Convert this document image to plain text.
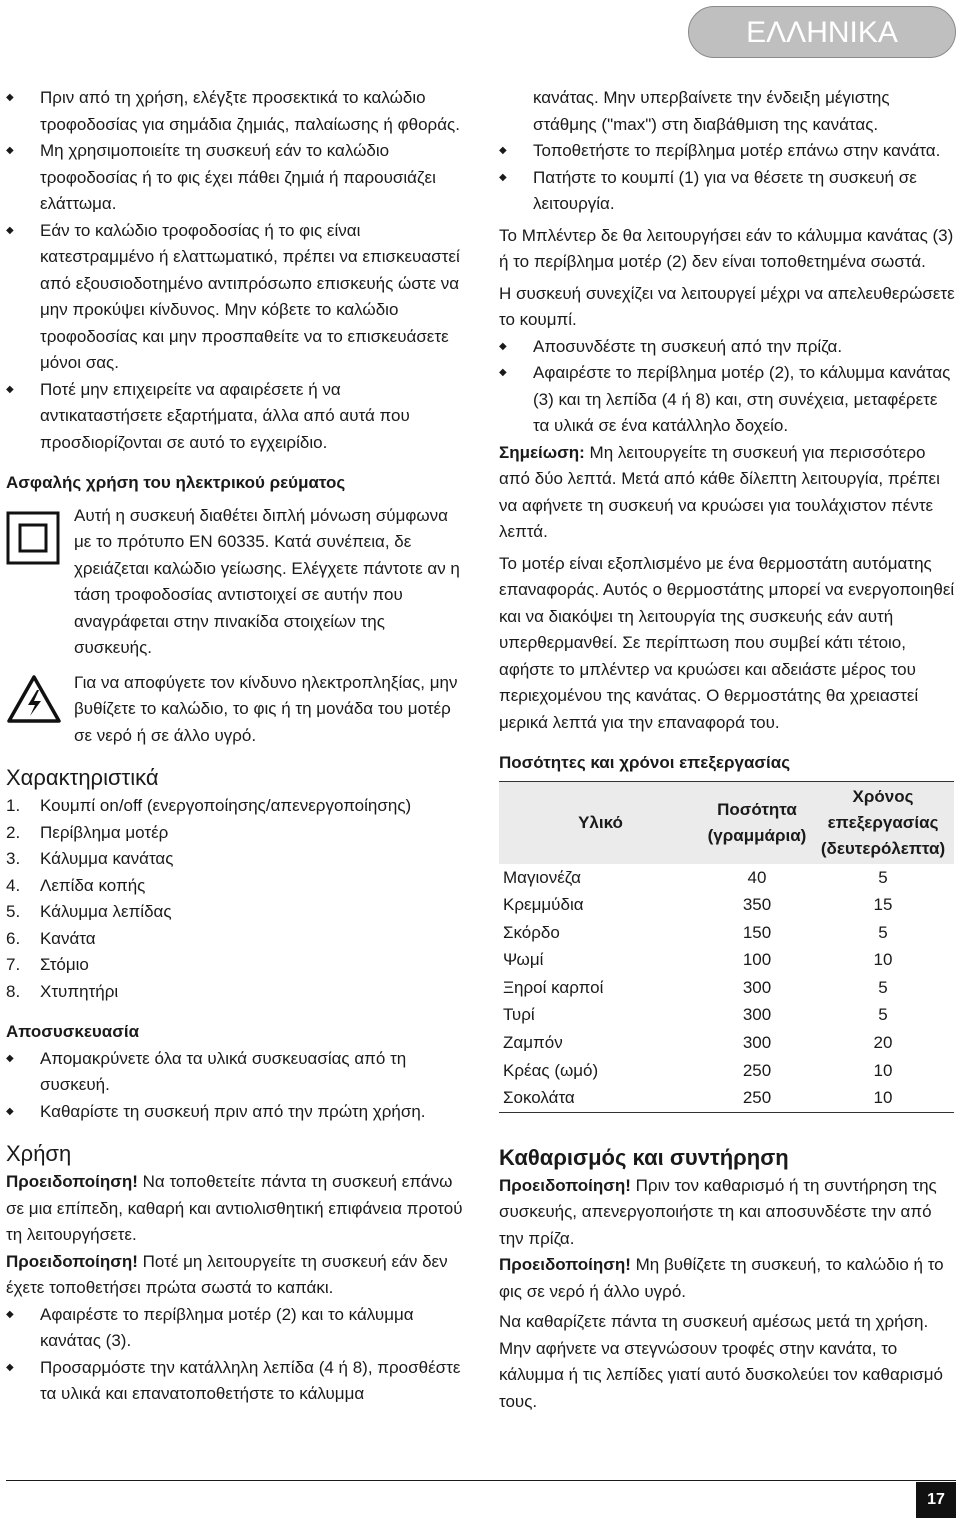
ΕΛΛΗΝΙΚΑ

◆ Πριν από τη χρήση, ελέγξτε προσεκτικά το καλώδιο τροφοδοσίας για σημάδια ζημιάς, παλαίωσης ή φθοράς.

◆ Μη χρησιμοποιείτε τη συσκευή εάν το καλώδιο τροφοδοσίας ή το φις έχει πάθει ζημιά ή παρουσιάζει ελάττωμα.

◆ Εάν το καλώδιο τροφοδοσίας ή το φις είναι κατεστραμμένο ή ελαττωματικό, πρέπει να επισκευαστεί από εξουσιοδοτημένο αντιπρόσωπο επισκευής ώστε να μην προκύψει κίνδυνος. Μην κόβετε το καλώδιο τροφοδοσίας και μην προσπαθείτε να το επισκευάσετε μόνοι σας.

◆ Ποτέ μην επιχειρείτε να αφαιρέσετε ή να αντικαταστήσετε εξαρτήματα, άλλα από αυτά που προσδιορίζονται σε αυτό το εγχειρίδιο.

Ασφαλής χρήση του ηλεκτρικού ρεύματος

Αυτή η συσκευή διαθέτει διπλή μόνωση σύμφωνα με το πρότυπο EN 60335. Κατά συνέπεια, δε χρειάζεται καλώδιο γείωσης. Ελέγχετε πάντοτε αν η τάση τροφοδοσίας αντιστοιχεί σε αυτήν που αναγράφεται στην πινακίδα στοιχείων της συσκευής.

Για να αποφύγετε τον κίνδυνο ηλεκτροπληξίας, μην βυθίζετε το καλώδιο, το φις ή τη μονάδα του μοτέρ σε νερό ή σε άλλο υγρό.

Χαρακτηριστικά

1.	Κουμπί on/off (ενεργοποίησης/απενεργοποίησης)
2.	Περίβλημα μοτέρ
3.	Κάλυμμα κανάτας
4.	Λεπίδα κοπής
5.	Κάλυμμα λεπίδας
6.	Κανάτα
7.	Στόμιο
8.	Χτυπητήρι

Αποσυσκευασία

◆ Απομακρύνετε όλα τα υλικά συσκευασίας από τη συσκευή.

◆ Καθαρίστε τη συσκευή πριν από την πρώτη χρήση.

Χρήση

Προειδοποίηση! Να τοποθετείτε πάντα τη συσκευή επάνω σε μια επίπεδη, καθαρή και αντιολισθητική επιφάνεια προτού τη λειτουργήσετε.

Προειδοποίηση! Ποτέ μη λειτουργείτε τη συσκευή εάν δεν έχετε τοποθετήσει πρώτα σωστά το καπάκι.

◆ Αφαιρέστε το περίβλημα μοτέρ (2) και το κάλυμμα κανάτας (3).

◆ Προσαρμόστε την κατάλληλη λεπίδα (4 ή 8), προσθέστε τα υλικά και επανατοποθετήστε το κάλυμμα

κανάτας. Μην υπερβαίνετε την ένδειξη μέγιστης στάθμης ("max") στη διαβάθμιση της κανάτας.

◆ Τοποθετήστε το περίβλημα μοτέρ επάνω στην κανάτα.

◆ Πατήστε το κουμπί (1) για να θέσετε τη συσκευή σε λειτουργία.

Το Μπλέντερ δε θα λειτουργήσει εάν το κάλυμμα κανάτας (3) ή το περίβλημα μοτέρ (2) δεν είναι τοποθετημένα σωστά.

Η συσκευή συνεχίζει να λειτουργεί μέχρι να απελευθερώσετε το κουμπί.

◆ Αποσυνδέστε τη συσκευή από την πρίζα.

◆ Αφαιρέστε το περίβλημα μοτέρ (2), το κάλυμμα κανάτας (3) και τη λεπίδα (4 ή 8) και, στη συνέχεια, μεταφέρετε τα υλικά σε ένα κατάλληλο δοχείο.

Σημείωση: Μη λειτουργείτε τη συσκευή για περισσότερο από δύο λεπτά. Μετά από κάθε δίλεπτη λειτουργία, πρέπει να αφήνετε τη συσκευή να κρυώσει για τουλάχιστον πέντε λεπτά.

Το μοτέρ είναι εξοπλισμένο με ένα θερμοστάτη αυτόματης επαναφοράς. Αυτός ο θερμοστάτης μπορεί να ενεργοποιηθεί και να διακόψει τη λειτουργία της συσκευής εάν αυτή υπερθερμανθεί. Σε περίπτωση που συμβεί κάτι τέτοιο, αφήστε το μπλέντερ να κρυώσει και αδειάστε μέρος του περιεχομένου της κανάτας. Ο θερμοστάτης θα χρειαστεί μερικά λεπτά για την επαναφορά του.

Ποσότητες και χρόνοι επεξεργασίας

Υλικό	Ποσότητα (γραμμάρια)	Χρόνος επεξεργασίας (δευτερόλεπτα)
Μαγιονέζα	40	5
Κρεμμύδια	350	15
Σκόρδο	150	5
Ψωμί	100	10
Ξηροί καρποί	300	5
Τυρί	300	5
Ζαμπόν	300	20
Κρέας (ωμό)	250	10
Σοκολάτα	250	10

Καθαρισμός και συντήρηση

Προειδοποίηση! Πριν τον καθαρισμό ή τη συντήρηση της συσκευής, απενεργοποιήστε τη και αποσυνδέστε την από την πρίζα.

Προειδοποίηση! Μη βυθίζετε τη συσκευή, το καλώδιο ή το φις σε νερό ή άλλο υγρό.

Να καθαρίζετε πάντα τη συσκευή αμέσως μετά τη χρήση. Μην αφήνετε να στεγνώσουν τροφές στην κανάτα, το κάλυμμα ή τις λεπίδες γιατί αυτό δυσκολεύει τον καθαρισμό τους.

17
